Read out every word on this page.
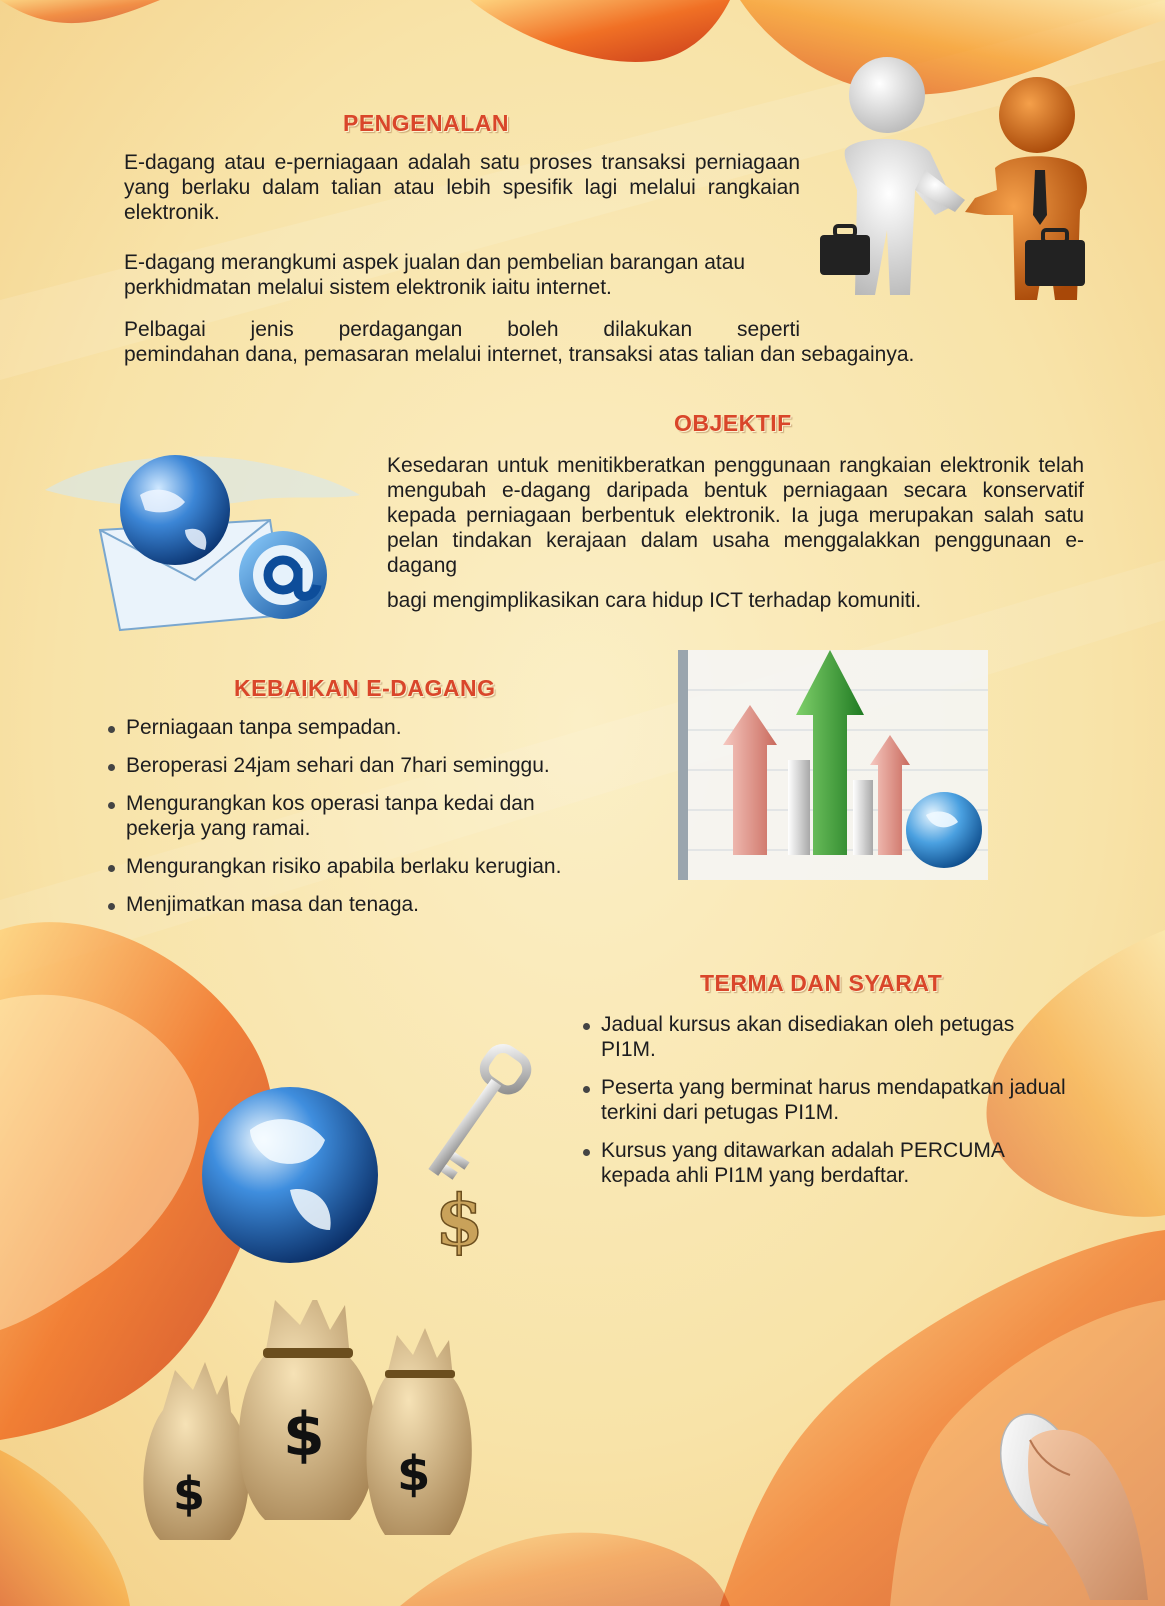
PENGENALAN

E-dagang atau e-perniagaan adalah satu proses transaksi perniagaan yang berlaku dalam talian atau lebih spesifik lagi melalui rangkaian elektronik.

E-dagang merangkumi aspek jualan dan pembelian barangan atau perkhidmatan melalui sistem elektronik iaitu internet.

Pelbagai jenis perdagangan boleh dilakukan seperti

pemindahan dana, pemasaran melalui internet, transaksi atas talian dan sebagainya.

OBJEKTIF

Kesedaran untuk menitikberatkan penggunaan rangkaian elektronik telah mengubah e-dagang daripada bentuk perniagaan secara konservatif kepada perniagaan berbentuk elektronik. Ia juga merupakan salah satu pelan tindakan kerajaan dalam usaha menggalakkan penggunaan e-dagang

bagi mengimplikasikan cara hidup ICT terhadap komuniti.

KEBAIKAN E-DAGANG
Perniagaan tanpa sempadan.
Beroperasi 24jam sehari dan 7hari seminggu.
Mengurangkan kos operasi tanpa kedai dan pekerja yang ramai.
Mengurangkan risiko apabila berlaku kerugian.
Menjimatkan masa dan tenaga.
TERMA DAN SYARAT
Jadual kursus akan disediakan oleh petugas PI1M.
Peserta yang berminat harus mendapatkan jadual terkini dari petugas PI1M.
Kursus yang ditawarkan adalah PERCUMA kepada ahli PI1M yang berdaftar.
$
$
$
$
